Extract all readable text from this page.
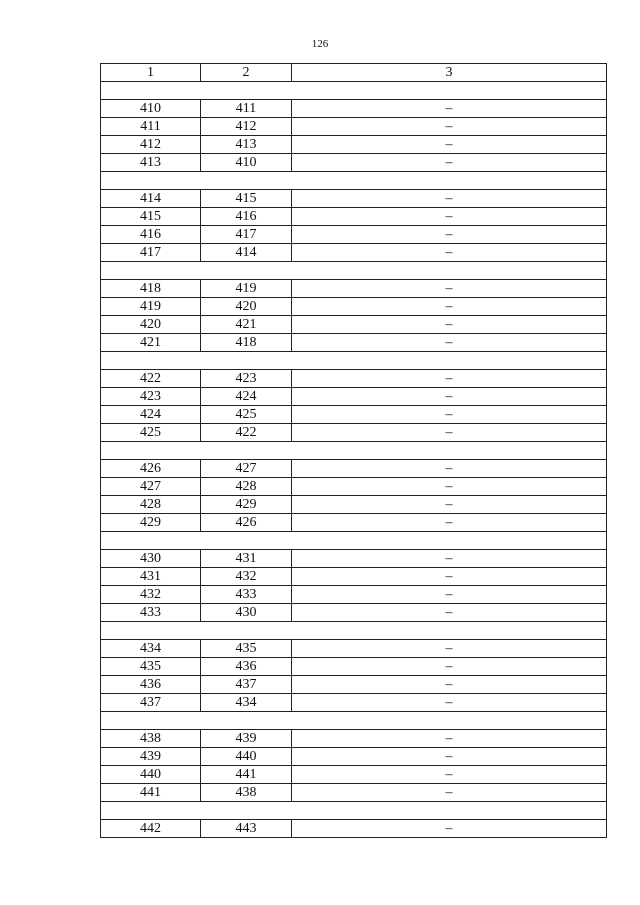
126
1	2	3

410	411	–
411	412	–
412	413	–
413	410	–

414	415	–
415	416	–
416	417	–
417	414	–

418	419	–
419	420	–
420	421	–
421	418	–

422	423	–
423	424	–
424	425	–
425	422	–

426	427	–
427	428	–
428	429	–
429	426	–

430	431	–
431	432	–
432	433	–
433	430	–

434	435	–
435	436	–
436	437	–
437	434	–

438	439	–
439	440	–
440	441	–
441	438	–

442	443	–
